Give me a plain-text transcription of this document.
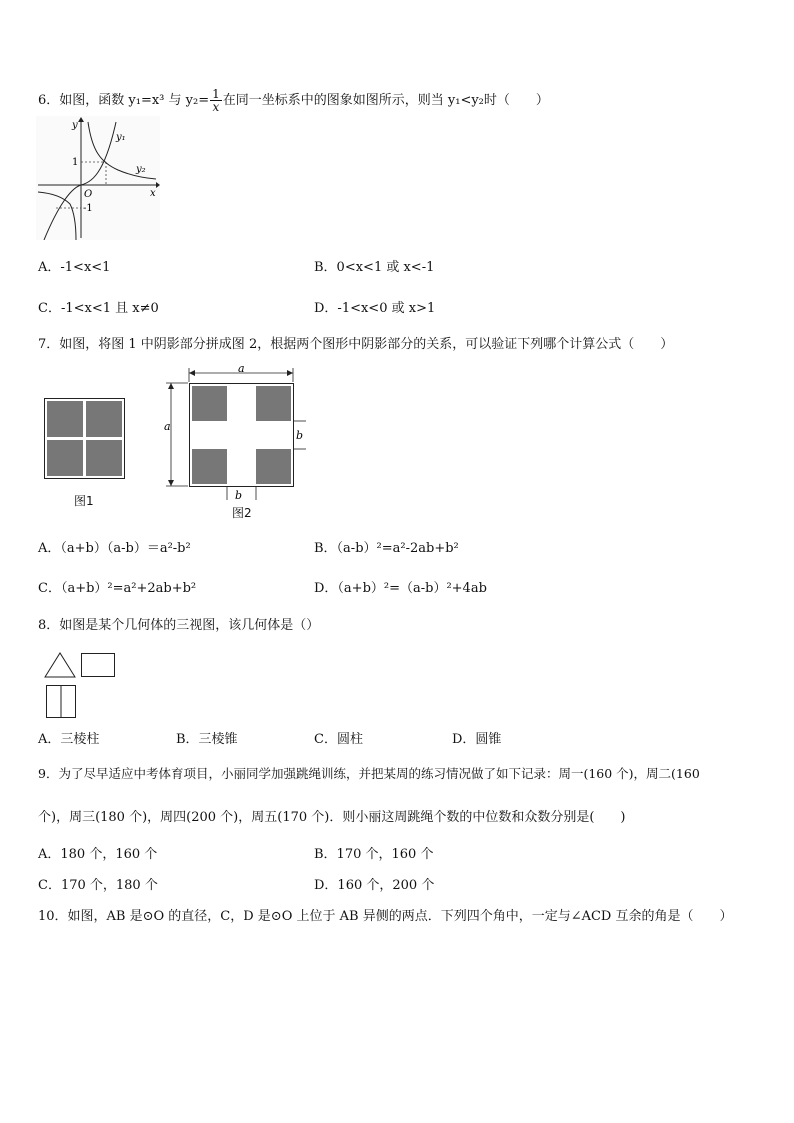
6．如图，函数 y₁=x³ 与 $y_2= \frac{1}{x}$ 在同一坐标系中的图象如图所示，则当 y₁<y₂时（　　）
y
x
O
1
-1
y₁
y₂
A．-1<x<1	B．0<x<1 或 x<-1
C．-1<x<1 且 x≠0	D．-1<x<0 或 x>1
7．如图，将图 1 中阴影部分拼成图 2，根据两个图形中阴影部分的关系，可以验证下列哪个计算公式（　　）
图1
a
a
b
b
图2
A．（a+b）（a-b）＝a²-b²	B．（a-b）²=a²-2ab+b²
C．（a+b）²=a²+2ab+b²	D．（a+b）²=（a-b）²+4ab
8．如图是某个几何体的三视图，该几何体是（）
A．三棱柱	B．三棱锥	C．圆柱	D．圆锥
9．为了尽早适应中考体育项目，小丽同学加强跳绳训练，并把某周的练习情况做了如下记录：周一(160 个)，周二(160
个)，周三(180 个)，周四(200 个)，周五(170 个)．则小丽这周跳绳个数的中位数和众数分别是(　　)
A．180 个，160 个	B．170 个，160 个
C．170 个，180 个	D．160 个，200 个
10．如图，AB 是⊙O 的直径，C，D 是⊙O 上位于 AB 异侧的两点．下列四个角中，一定与∠ACD 互余的角是（　　）
